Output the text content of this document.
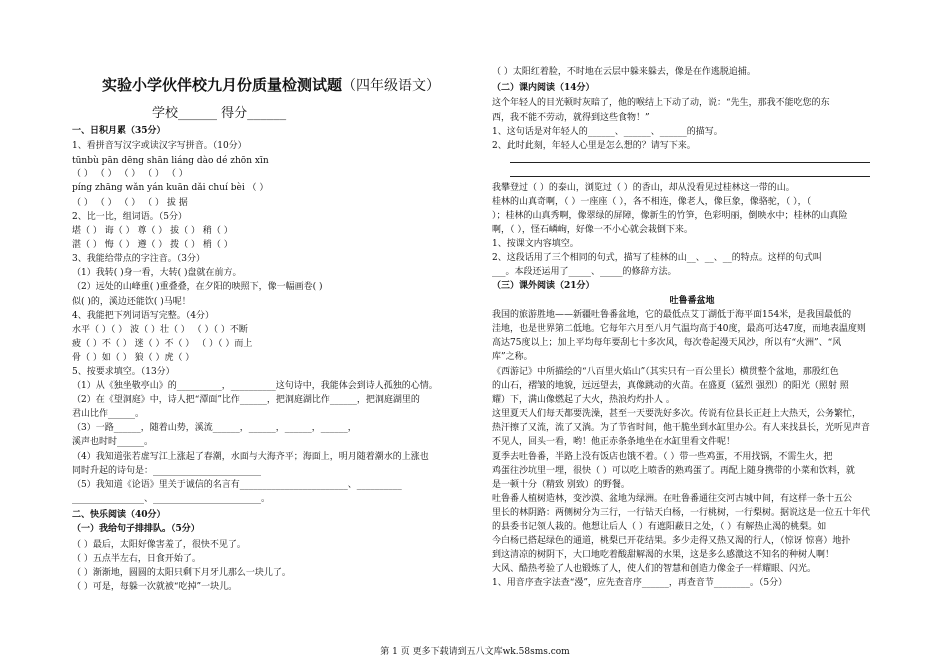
实验小学伙伴校九月份质量检测试题（四年级语文）
学校______ 得分______
一、日积月累（35分）
1、看拼音写汉字或读汉字写拼音。（10分）
tūnbù pān dēng shān liáng dào dé zhōn xīn
（ ） （ ） （ ） （ ） （ ）
píng zhāng wǎn yán kuān dǎi chuí bèi （ ）
（ ） （ ） （ ） （ ） 拔 据
2、比一比，组词语。（5分）
堪（ ） 诲（ ） 尊（ ） 拔（ ） 稍（ ）
湛（ ） 悔（ ） 遵（ ） 拨（ ） 梢（ ）
3、我能给带点的字注音。（3分）
（1）我转( )身一看，大转( )盘就在前方。
（2）远处的山峰重( )重叠叠，在夕阳的映照下，像一幅画卷( )
似( )的，溪边还能饮( )马呢！
4、我能把下列词语写完整。（4分）
水平（ ）（ ） 波（ ）壮（ ） （ ）（ ）不断
疲（ ）不（ ） 迷（ ）不（ ） （ ）（ ）而上
骨（ ）如（ ） 狼（ ）虎（ ）
5、按要求填空。（13分）
（1）从《独坐敬亭山》的__________，__________这句诗中，我能体会到诗人孤独的心情。
（2）在《望洞庭》中，诗人把“潭面”比作______，把洞庭湖比作______，把洞庭湖里的
君山比作______。
（3）一路______，随着山势，溪流______，______，______，______，
溪声也时时______。
（4）我知道张若虚写江上涨起了春潮，水面与大海齐平；海面上，明月随着潮水的上涨也
同时升起的诗句是：________________________
（5）我知道《论语》里关于诚信的名言有________________________、__________
________________、________________________。
二、快乐阅读（40分）
（一）我给句子排排队。（5分）
（ ）最后，太阳好像害羞了，很快不见了。
（ ）五点半左右，日食开始了。
（ ）渐渐地，圆圆的太阳只剩下月牙儿那么一块儿了。
（ ）可是，每躲一次就被“吃掉”一块儿。
（ ）太阳红着脸，不时地在云层中躲来躲去，像是在作逃脱追捕。
（二）课内阅读（14分）
这个年轻人的目光顿时灰暗了，他的喉结上下动了动，说：“先生，那我不能吃您的东
西，我不能不劳动，就得到这些食物！”
1、这句话是对年轻人的______、______、______的描写。
2、此时此刻，年轻人心里是怎么想的？请写下来。
我攀登过（ ）的泰山，浏览过（ ）的香山，却从没看见过桂林这一带的山。
桂林的山真奇啊，（ ）一座座（ ），各不相连，像老人，像巨象，像骆驼，（ ），（
）；桂林的山真秀啊，像翠绿的屏障，像新生的竹笋，色彩明丽，倒映水中；桂林的山真险
啊，（ ），怪石嶙峋，好像一不小心就会栽倒下来。
1、按课文内容填空。
2、这段话用了三个相同的句式，描写了桂林的山__、__、__的特点。这样的句式叫
___。本段还运用了_____、_____的修辞方法。
（三）课外阅读（21分）
我国的旅游胜地——新疆吐鲁番盆地，它的最低点艾丁湖低于海平面154米，是我国最低的
洼地，也是世界第二低地。它每年六月至八月气温均高于40度，最高可达47度，而地表温度则
高达75度以上；加上平均每年要刮七十多次风，每次卷起漫天风沙，所以有“火洲”、“风
库”之称。
《西游记》中所描绘的“八百里火焰山”（其实只有一百公里长）横贯整个盆地，那殷红色
的山石，褶皱的地貌，远远望去，真像跳动的火苗。在盛夏（猛烈 强烈）的阳光（照射 照
耀）下，满山像燃起了大火，热浪灼灼扑人 。
这里夏天人们每天都要洗澡，甚至一天要洗好多次。传说有位县长正赶上大热天，公务繁忙，
热汗擦了又流，流了又淌。为了节省时间，他干脆坐到水缸里办公。有人来找县长，光听见声音
不见人，回头一看，哟！他正赤条条地坐在水缸里看文件呢！
夏季去吐鲁番，半路上没有饭店也饿不着。（ ）带一些鸡蛋，不用找锅，不需生火，把
鸡蛋往沙坑里一埋，很快（ ）可以吃上喷香的熟鸡蛋了。再配上随身携带的小菜和饮料，就
是一顿十分（精致 别致）的野餐。
吐鲁番人植树造林，变沙漠、盆地为绿洲。在吐鲁番通往交河古城中间，有这样一条十五公
里长的林阴路：两侧树分为三行，一行钻天白杨，一行桃树，一行梨树。据说这是一位五十年代
的县委书记领人栽的。他想让后人（ ）有遮阳蔽日之处，（ ）有解热止渴的桃梨。如
今白杨已搭起绿色的通道，桃梨已开花结果。多少走得又热又渴的行人，（惊讶 惊喜）地扑
到这清凉的树阴下，大口地吃着酸甜解渴的水果，这是多么感激这不知名的种树人啊！
大风、酷热考验了人也锻炼了人，使人们的智慧和创造力像金子一样耀眼、闪光。
1、用音序查字法查“漫”，应先查音序______，再查音节________。（5分）
吐鲁番盆地
第 1 页 更多下载请到五八文库wk.58sms.com
